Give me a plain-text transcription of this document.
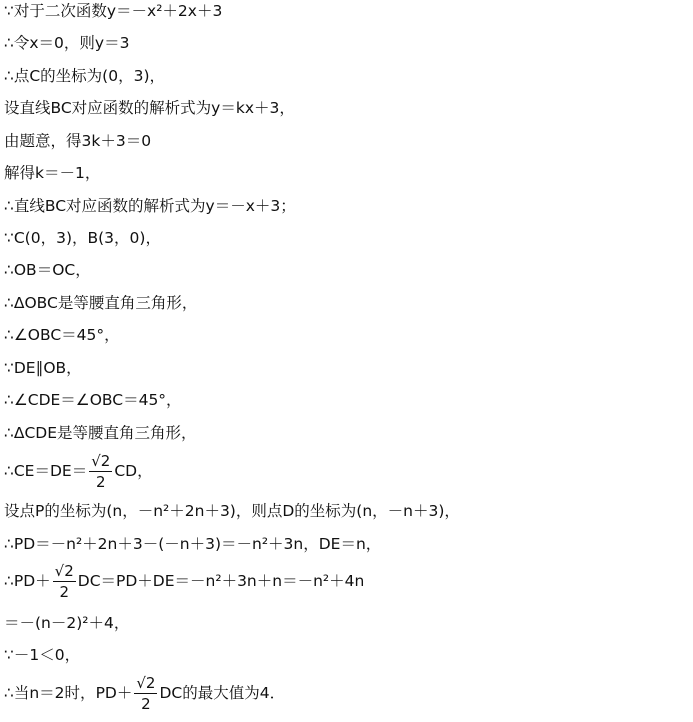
∵对于二次函数y＝－x²＋2x＋3
∴令x＝0，则y＝3
∴点C的坐标为(0，3)，
设直线BC对应函数的解析式为y＝kx＋3，
由题意，得3k＋3＝0
解得k＝－1，
∴直线BC对应函数的解析式为y＝－x＋3；
∵C(0，3)，B(3，0)，
∴OB＝OC，
∴ΔOBC是等腰直角三角形，
∴∠OBC＝45°，
∵DE∥OB，
∴∠CDE＝∠OBC＝45°，
∴ΔCDE是等腰直角三角形，
∴CE＝DE＝ $\frac{√2}{2}$ CD，
设点P的坐标为(n，－n²＋2n＋3)，则点D的坐标为(n，－n＋3)，
∴PD＝－n²＋2n＋3－(－n＋3)＝－n²＋3n，DE＝n，
∴PD＋ $\frac{√2}{2} DC=PD+DE=-n^2+3n+n=-n^2+4n$
＝－(n－2)²＋4，
∵－1＜0，
∴当n＝2时，$PD+ \frac{√2}{2}$ DC的最大值为4．
